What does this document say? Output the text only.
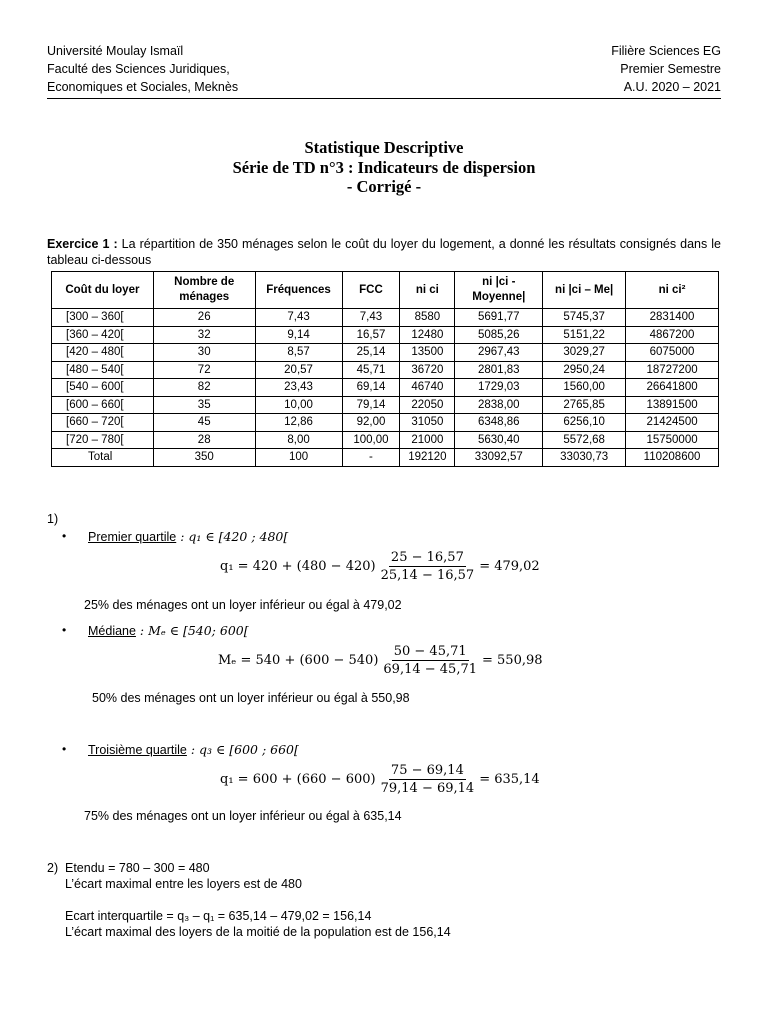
Université Moulay Ismaïl
Faculté des Sciences Juridiques,
Economiques et Sociales, Meknès
Filière Sciences EG
Premier Semestre
A.U. 2020 – 2021
Statistique Descriptive
Série de TD n°3 : Indicateurs de dispersion
- Corrigé -
Exercice 1 : La répartition de 350 ménages selon le coût du loyer du logement, a donné les résultats consignés dans le tableau ci-dessous
Coût du loyer	Nombre de ménages	Fréquences	FCC	ni ci	ni |ci - Moyenne|	ni |ci – Me|	ni ci²
[300 – 360[	26	7,43	7,43	8580	5691,77	5745,37	2831400
[360 – 420[	32	9,14	16,57	12480	5085,26	5151,22	4867200
[420 – 480[	30	8,57	25,14	13500	2967,43	3029,27	6075000
[480 – 540[	72	20,57	45,71	36720	2801,83	2950,24	18727200
[540 – 600[	82	23,43	69,14	46740	1729,03	1560,00	26641800
[600 – 660[	35	10,00	79,14	22050	2838,00	2765,85	13891500
[660 – 720[	45	12,86	92,00	31050	6348,86	6256,10	21424500
[720 – 780[	28	8,00	100,00	21000	5630,40	5572,68	15750000
Total	350	100	-	192120	33092,57	33030,73	110208600
1)
• Premier quartile : q₁ ∈ [420 ; 480[
$q_1 = 420 + (480 - 420) \frac{25 - 16,57}{25,14 - 16,57} = 479,02$
25% des ménages ont un loyer inférieur ou égal à 479,02
• Médiane : Mₑ ∈ [540; 600[
$M_e = 540 + (600 - 540) \frac{50 - 45,71}{69,14 - 45,71} = 550,98$
50% des ménages ont un loyer inférieur ou égal à 550,98
• Troisième quartile : q₃ ∈ [600 ; 660[
$q_1 = 600 + (660 - 600) \frac{75 - 69,14}{79,14 - 69,14} = 635,14$
75% des ménages ont un loyer inférieur ou égal à 635,14
2) Etendu = 780 – 300 = 480
L’écart maximal entre les loyers est de 480
Ecart interquartile = q₃ – q₁ = 635,14 – 479,02 = 156,14
L’écart maximal des loyers de la moitié de la population est de 156,14
